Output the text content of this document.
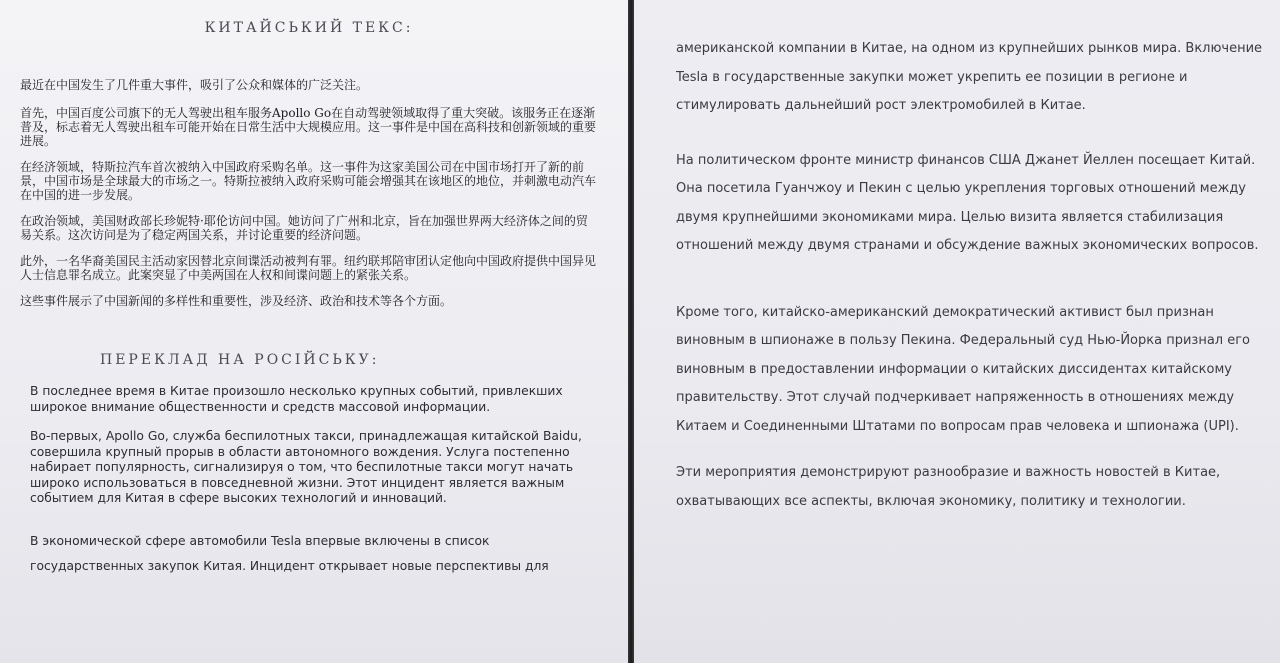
КИТАЙСЬКИЙ ТЕКС:

最近在中国发生了几件重大事件，吸引了公众和媒体的广泛关注。

首先，中国百度公司旗下的无人驾驶出租车服务Apollo Go在自动驾驶领域取得了重大突破。该服务正在逐渐普及，标志着无人驾驶出租车可能开始在日常生活中大规模应用。这一事件是中国在高科技和创新领域的重要进展。

在经济领域，特斯拉汽车首次被纳入中国政府采购名单。这一事件为这家美国公司在中国市场打开了新的前景，中国市场是全球最大的市场之一。特斯拉被纳入政府采购可能会增强其在该地区的地位，并刺激电动汽车在中国的进一步发展。

在政治领域，美国财政部长珍妮特·耶伦访问中国。她访问了广州和北京，旨在加强世界两大经济体之间的贸易关系。这次访问是为了稳定两国关系，并讨论重要的经济问题。

此外，一名华裔美国民主活动家因替北京间谍活动被判有罪。纽约联邦陪审团认定他向中国政府提供中国异见人士信息罪名成立。此案突显了中美两国在人权和间谍问题上的紧张关系。

这些事件展示了中国新闻的多样性和重要性，涉及经济、政治和技术等各个方面。

ПЕРЕКЛАД НА РОСІЙСЬКУ:

В последнее время в Китае произошло несколько крупных событий, привлекших широкое внимание общественности и средств массовой информации.

Во-первых, Apollo Go, служба беспилотных такси, принадлежащая китайской Baidu, совершила крупный прорыв в области автономного вождения. Услуга постепенно набирает популярность, сигнализируя о том, что беспилотные такси могут начать широко использоваться в повседневной жизни. Этот инцидент является важным событием для Китая в сфере высоких технологий и инноваций.

В экономической сфере автомобили Tesla впервые включены в список государственных закупок Китая. Инцидент открывает новые перспективы для

американской компании в Китае, на одном из крупнейших рынков мира. Включение Tesla в государственные закупки может укрепить ее позиции в регионе и стимулировать дальнейший рост электромобилей в Китае.

На политическом фронте министр финансов США Джанет Йеллен посещает Китай. Она посетила Гуанчжоу и Пекин с целью укрепления торговых отношений между двумя крупнейшими экономиками мира. Целью визита является стабилизация отношений между двумя странами и обсуждение важных экономических вопросов.

Кроме того, китайско-американский демократический активист был признан виновным в шпионаже в пользу Пекина. Федеральный суд Нью-Йорка признал его виновным в предоставлении информации о китайских диссидентах китайскому правительству. Этот случай подчеркивает напряженность в отношениях между Китаем и Соединенными Штатами по вопросам прав человека и шпионажа (UPI).

Эти мероприятия демонстрируют разнообразие и важность новостей в Китае, охватывающих все аспекты, включая экономику, политику и технологии.
